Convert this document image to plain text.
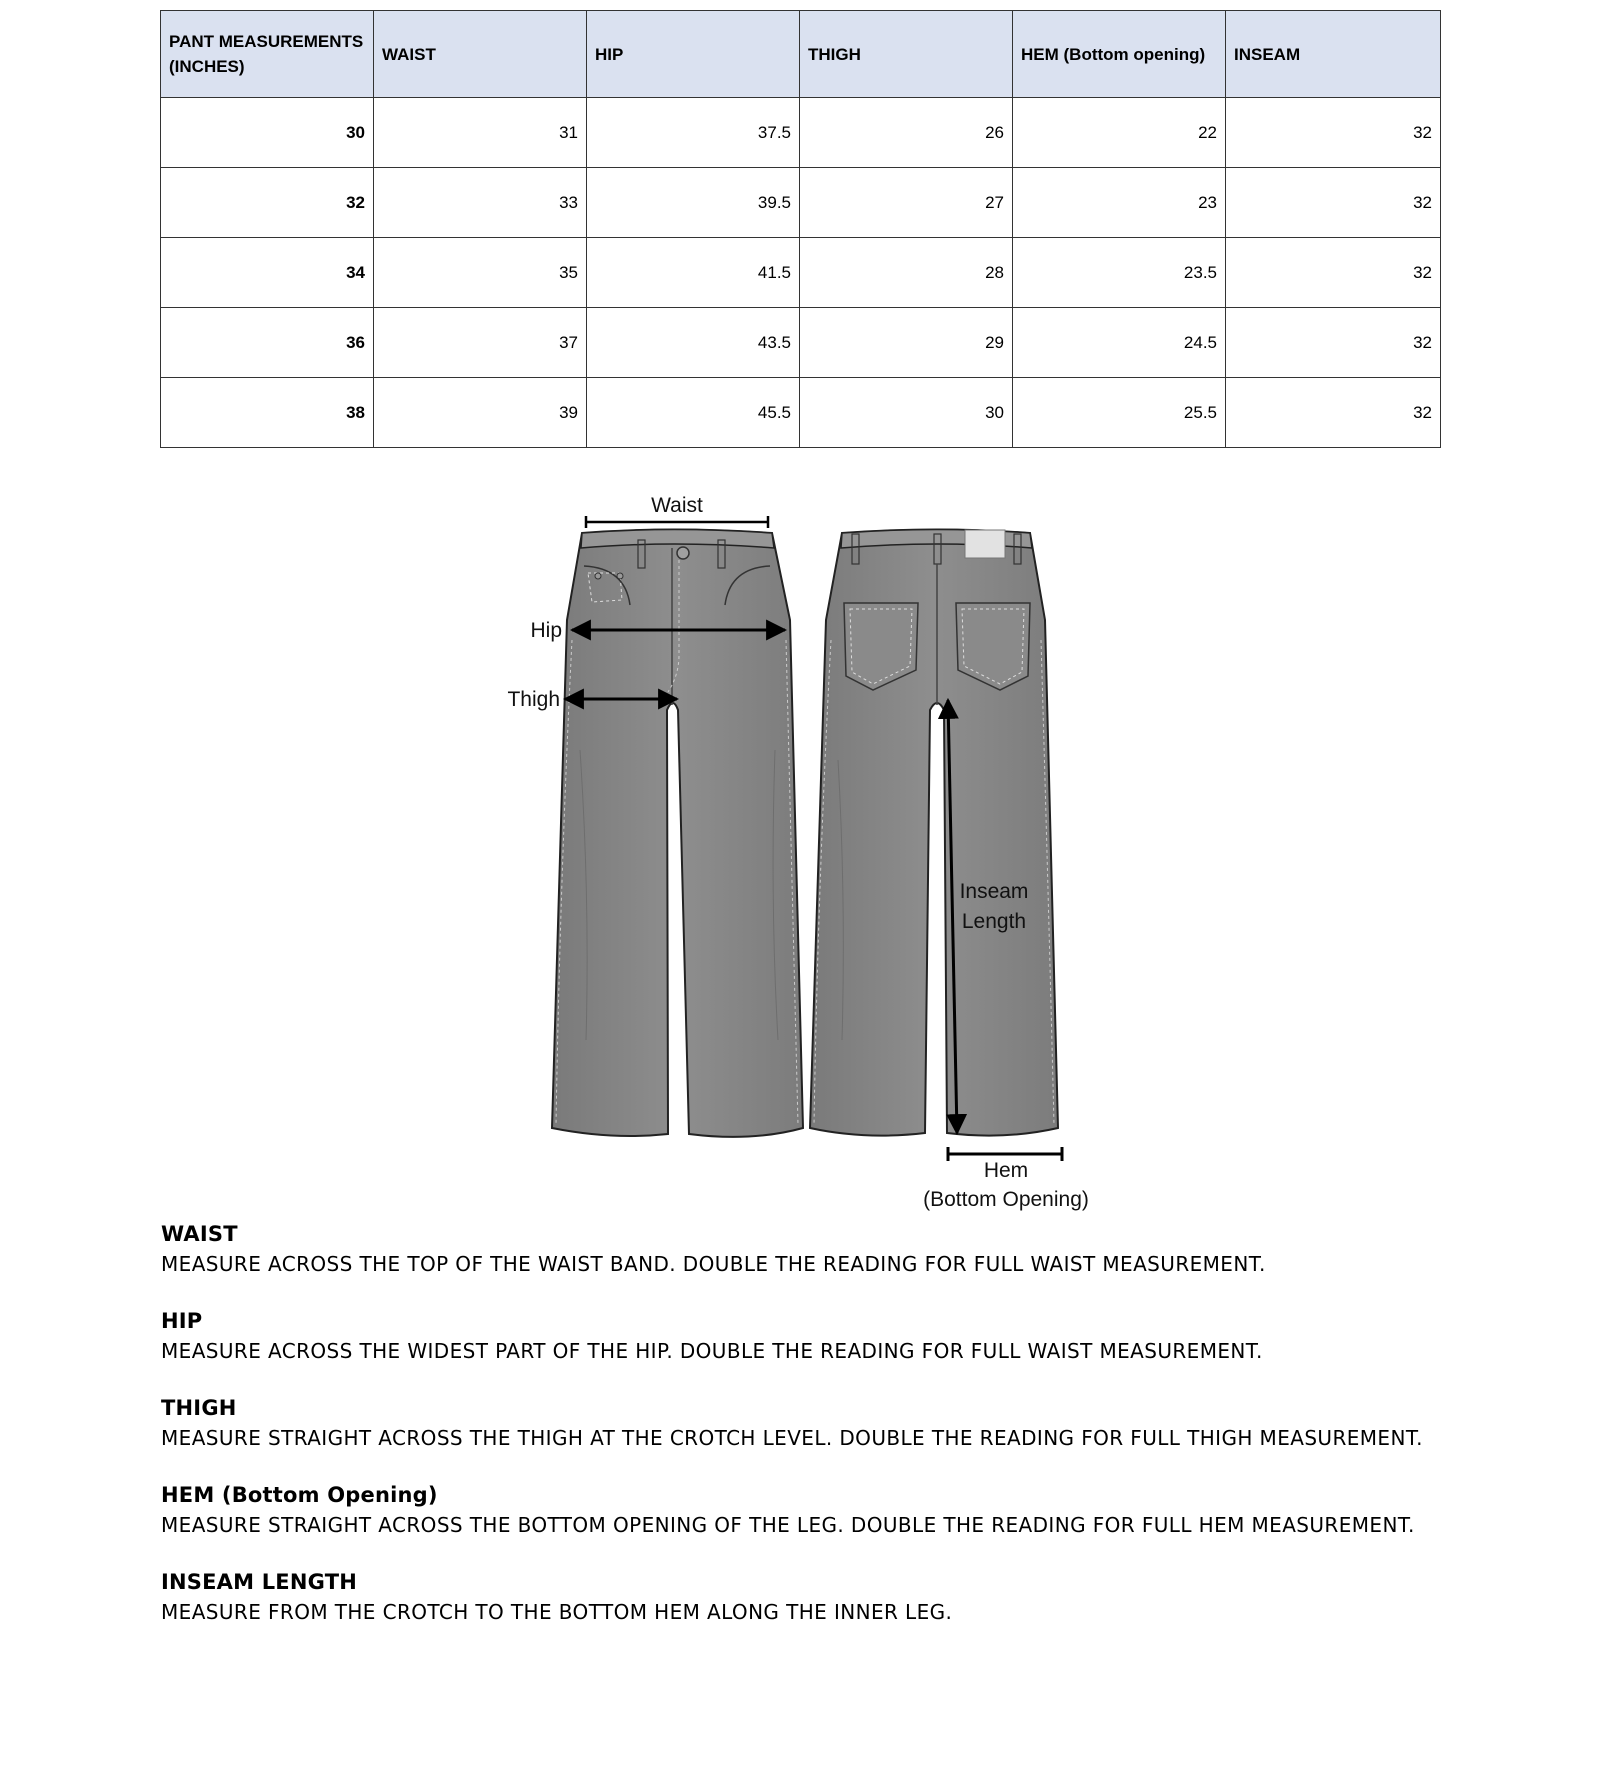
PANT MEASUREMENTS (INCHES)	WAIST	HIP	THIGH	HEM (Bottom opening)	INSEAM
30	31	37.5	26	22	32
32	33	39.5	27	23	32
34	35	41.5	28	23.5	32
36	37	43.5	29	24.5	32
38	39	45.5	30	25.5	32
Waist
Hip
Thigh
Inseam
Length
Hem
(Bottom Opening)
WAIST
MEASURE ACROSS THE TOP OF THE WAIST BAND. DOUBLE THE READING FOR FULL WAIST MEASUREMENT.
HIP
MEASURE ACROSS THE WIDEST PART OF THE HIP. DOUBLE THE READING FOR FULL WAIST MEASUREMENT.
THIGH
MEASURE STRAIGHT ACROSS THE THIGH AT THE CROTCH LEVEL. DOUBLE THE READING FOR FULL THIGH MEASUREMENT.
HEM (Bottom Opening)
MEASURE STRAIGHT ACROSS THE BOTTOM OPENING OF THE LEG. DOUBLE THE READING FOR FULL HEM MEASUREMENT.
INSEAM LENGTH
MEASURE FROM THE CROTCH TO THE BOTTOM HEM ALONG THE INNER LEG.
